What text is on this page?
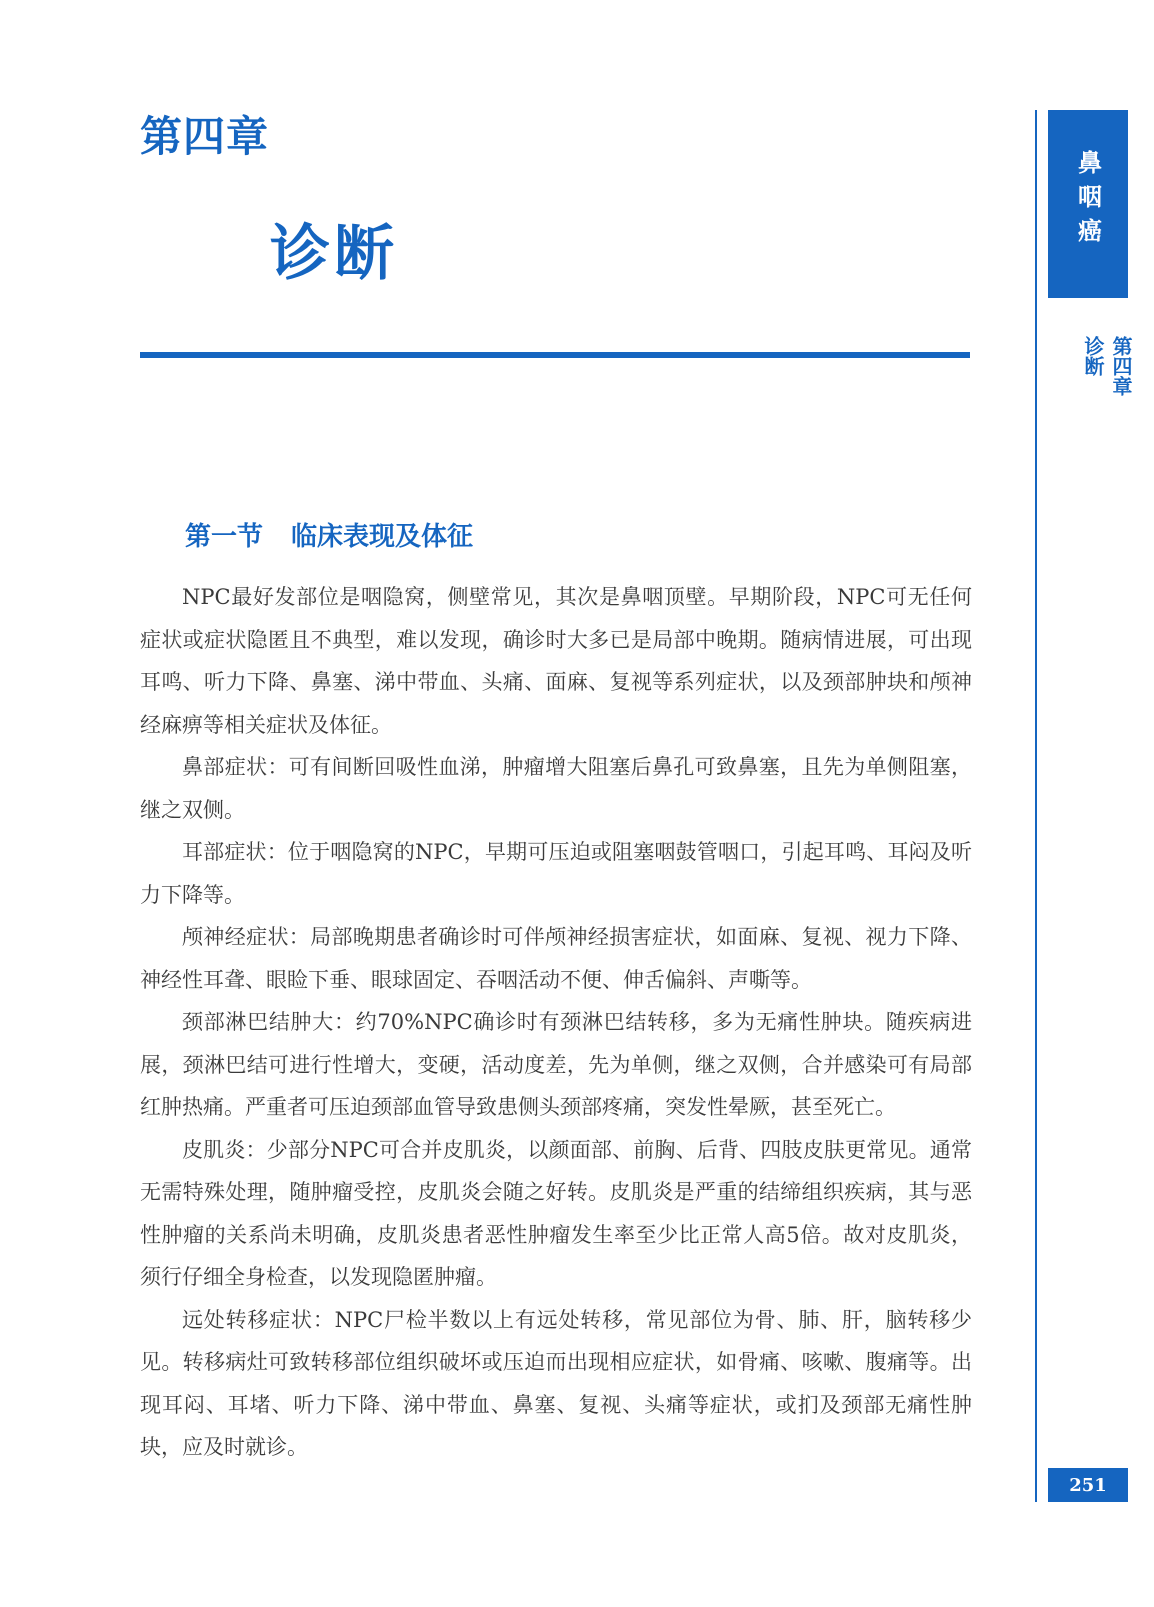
第四章
诊断
鼻咽癌
第四章
诊断
第一节 临床表现及体征

NPC最好发部位是咽隐窝，侧壁常见，其次是鼻咽顶壁。早期阶段，NPC可无任何症状或症状隐匿且不典型，难以发现，确诊时大多已是局部中晚期。随病情进展，可出现耳鸣、听力下降、鼻塞、涕中带血、头痛、面麻、复视等系列症状，以及颈部肿块和颅神经麻痹等相关症状及体征。

鼻部症状：可有间断回吸性血涕，肿瘤增大阻塞后鼻孔可致鼻塞，且先为单侧阻塞，继之双侧。

耳部症状：位于咽隐窝的NPC，早期可压迫或阻塞咽鼓管咽口，引起耳鸣、耳闷及听力下降等。

颅神经症状：局部晚期患者确诊时可伴颅神经损害症状，如面麻、复视、视力下降、神经性耳聋、眼睑下垂、眼球固定、吞咽活动不便、伸舌偏斜、声嘶等。

颈部淋巴结肿大：约70%NPC确诊时有颈淋巴结转移，多为无痛性肿块。随疾病进展，颈淋巴结可进行性增大，变硬，活动度差，先为单侧，继之双侧，合并感染可有局部红肿热痛。严重者可压迫颈部血管导致患侧头颈部疼痛，突发性晕厥，甚至死亡。

皮肌炎：少部分NPC可合并皮肌炎，以颜面部、前胸、后背、四肢皮肤更常见。通常无需特殊处理，随肿瘤受控，皮肌炎会随之好转。皮肌炎是严重的结缔组织疾病，其与恶性肿瘤的关系尚未明确，皮肌炎患者恶性肿瘤发生率至少比正常人高5倍。故对皮肌炎，须行仔细全身检查，以发现隐匿肿瘤。

远处转移症状：NPC尸检半数以上有远处转移，常见部位为骨、肺、肝，脑转移少见。转移病灶可致转移部位组织破坏或压迫而出现相应症状，如骨痛、咳嗽、腹痛等。出现耳闷、耳堵、听力下降、涕中带血、鼻塞、复视、头痛等症状，或扪及颈部无痛性肿块，应及时就诊。

251
